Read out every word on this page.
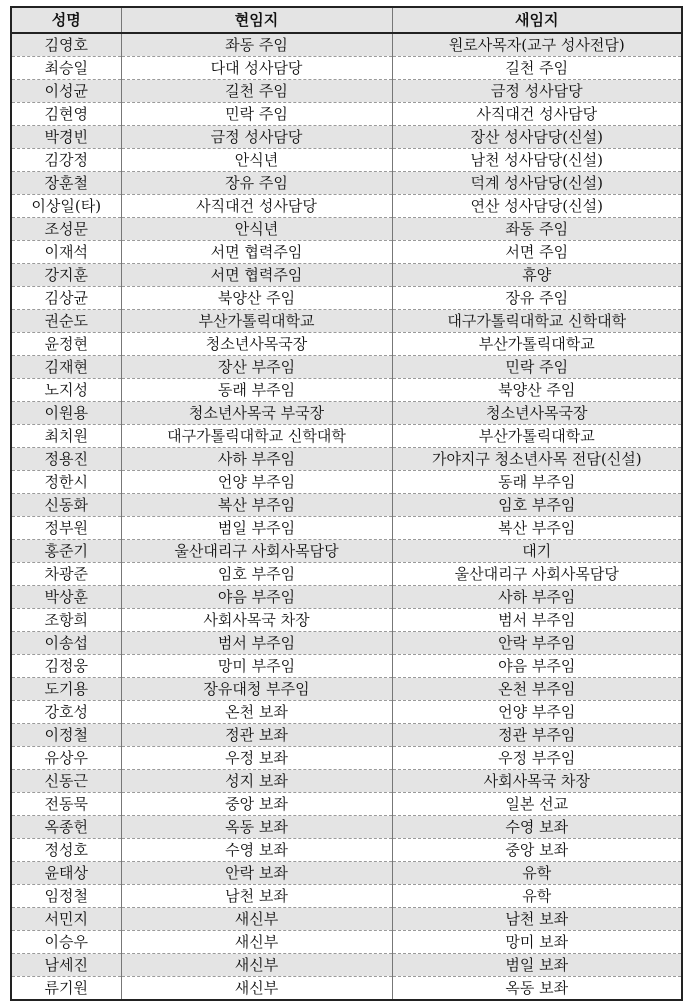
성명	현임지	새임지
김영호	좌동 주임	원로사목자(교구 성사전담)
최승일	다대 성사담당	길천 주임
이성균	길천 주임	금정 성사담당
김현영	민락 주임	사직대건 성사담당
박경빈	금정 성사담당	장산 성사담당(신설)
김강정	안식년	남천 성사담당(신설)
장훈철	장유 주임	덕계 성사담당(신설)
이상일(타)	사직대건 성사담당	연산 성사담당(신설)
조성문	안식년	좌동 주임
이재석	서면 협력주임	서면 주임
강지훈	서면 협력주임	휴양
김상균	북양산 주임	장유 주임
권순도	부산가톨릭대학교	대구가톨릭대학교 신학대학
윤정현	청소년사목국장	부산가톨릭대학교
김재현	장산 부주임	민락 주임
노지성	동래 부주임	북양산 주임
이원용	청소년사목국 부국장	청소년사목국장
최치원	대구가톨릭대학교 신학대학	부산가톨릭대학교
정용진	사하 부주임	가야지구 청소년사목 전담(신설)
정한시	언양 부주임	동래 부주임
신동화	복산 부주임	임호 부주임
정부원	범일 부주임	복산 부주임
홍준기	울산대리구 사회사목담당	대기
차광준	임호 부주임	울산대리구 사회사목담당
박상훈	야음 부주임	사하 부주임
조항희	사회사목국 차장	범서 부주임
이송섭	범서 부주임	안락 부주임
김정웅	망미 부주임	야음 부주임
도기용	장유대청 부주임	온천 부주임
강호성	온천 보좌	언양 부주임
이정철	정관 보좌	정관 부주임
유상우	우정 보좌	우정 부주임
신동근	성지 보좌	사회사목국 차장
전동묵	중앙 보좌	일본 선교
옥종헌	옥동 보좌	수영 보좌
정성호	수영 보좌	중앙 보좌
윤태상	안락 보좌	유학
임정철	남천 보좌	유학
서민지	새신부	남천 보좌
이승우	새신부	망미 보좌
남세진	새신부	범일 보좌
류기원	새신부	옥동 보좌
